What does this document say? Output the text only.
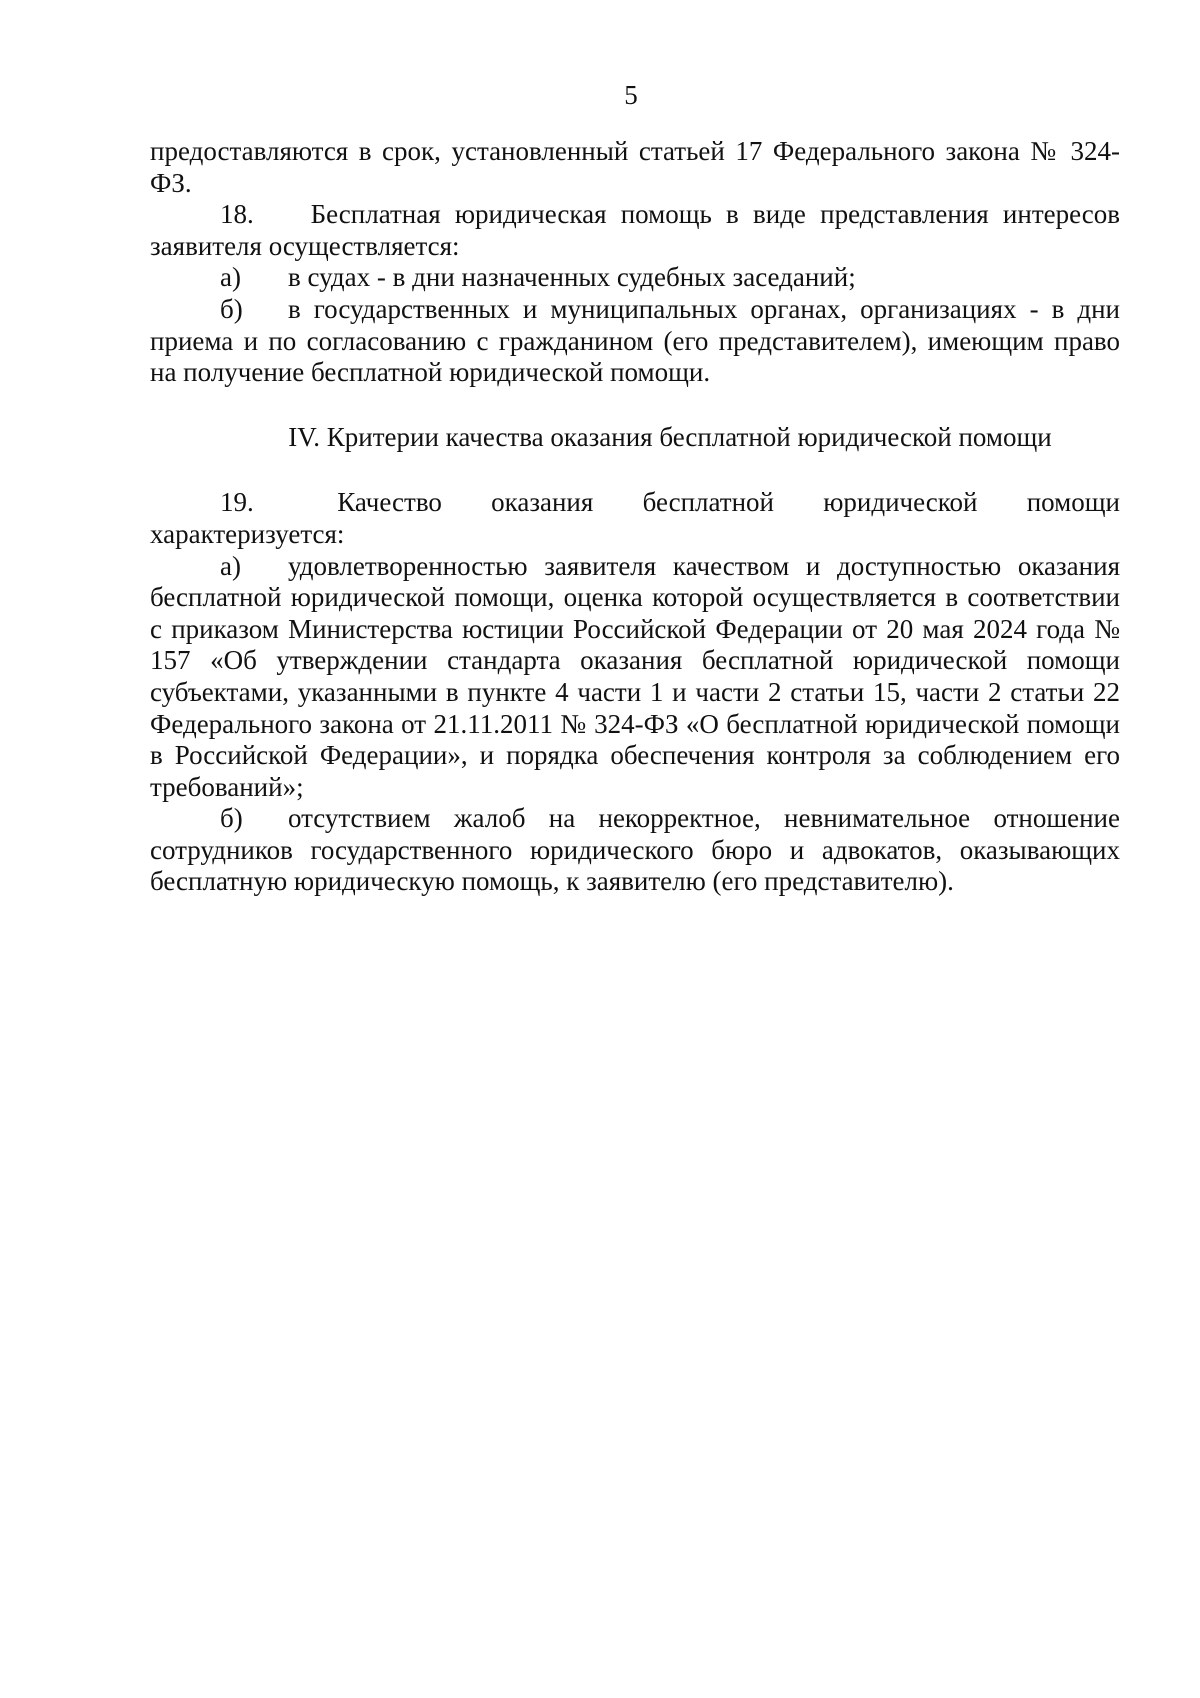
5

предоставляются в срок, установленный статьей 17 Федерального закона № 324-ФЗ.

18. Бесплатная юридическая помощь в виде представления интересов заявителя осуществляется:

а) в судах - в дни назначенных судебных заседаний;

б) в государственных и муниципальных органах, организациях - в дни приема и по согласованию с гражданином (его представителем), имеющим право на получение бесплатной юридической помощи.

IV. Критерии качества оказания бесплатной юридической помощи
19.	Качество оказания бесплатной юридической помощи

характеризуется:

а) удовлетворенностью заявителя качеством и доступностью оказания бесплатной юридической помощи, оценка которой осуществляется в соответствии с приказом Министерства юстиции Российской Федерации от 20 мая 2024 года № 157 «Об утверждении стандарта оказания бесплатной юридической помощи субъектами, указанными в пункте 4 части 1 и части 2 статьи 15, части 2 статьи 22 Федерального закона от 21.11.2011 № 324-ФЗ «О бесплатной юридической помощи в Российской Федерации», и порядка обеспечения контроля за соблюдением его требований»;

б) отсутствием жалоб на некорректное, невнимательное отношение сотрудников государственного юридического бюро и адвокатов, оказывающих бесплатную юридическую помощь, к заявителю (его представителю).
